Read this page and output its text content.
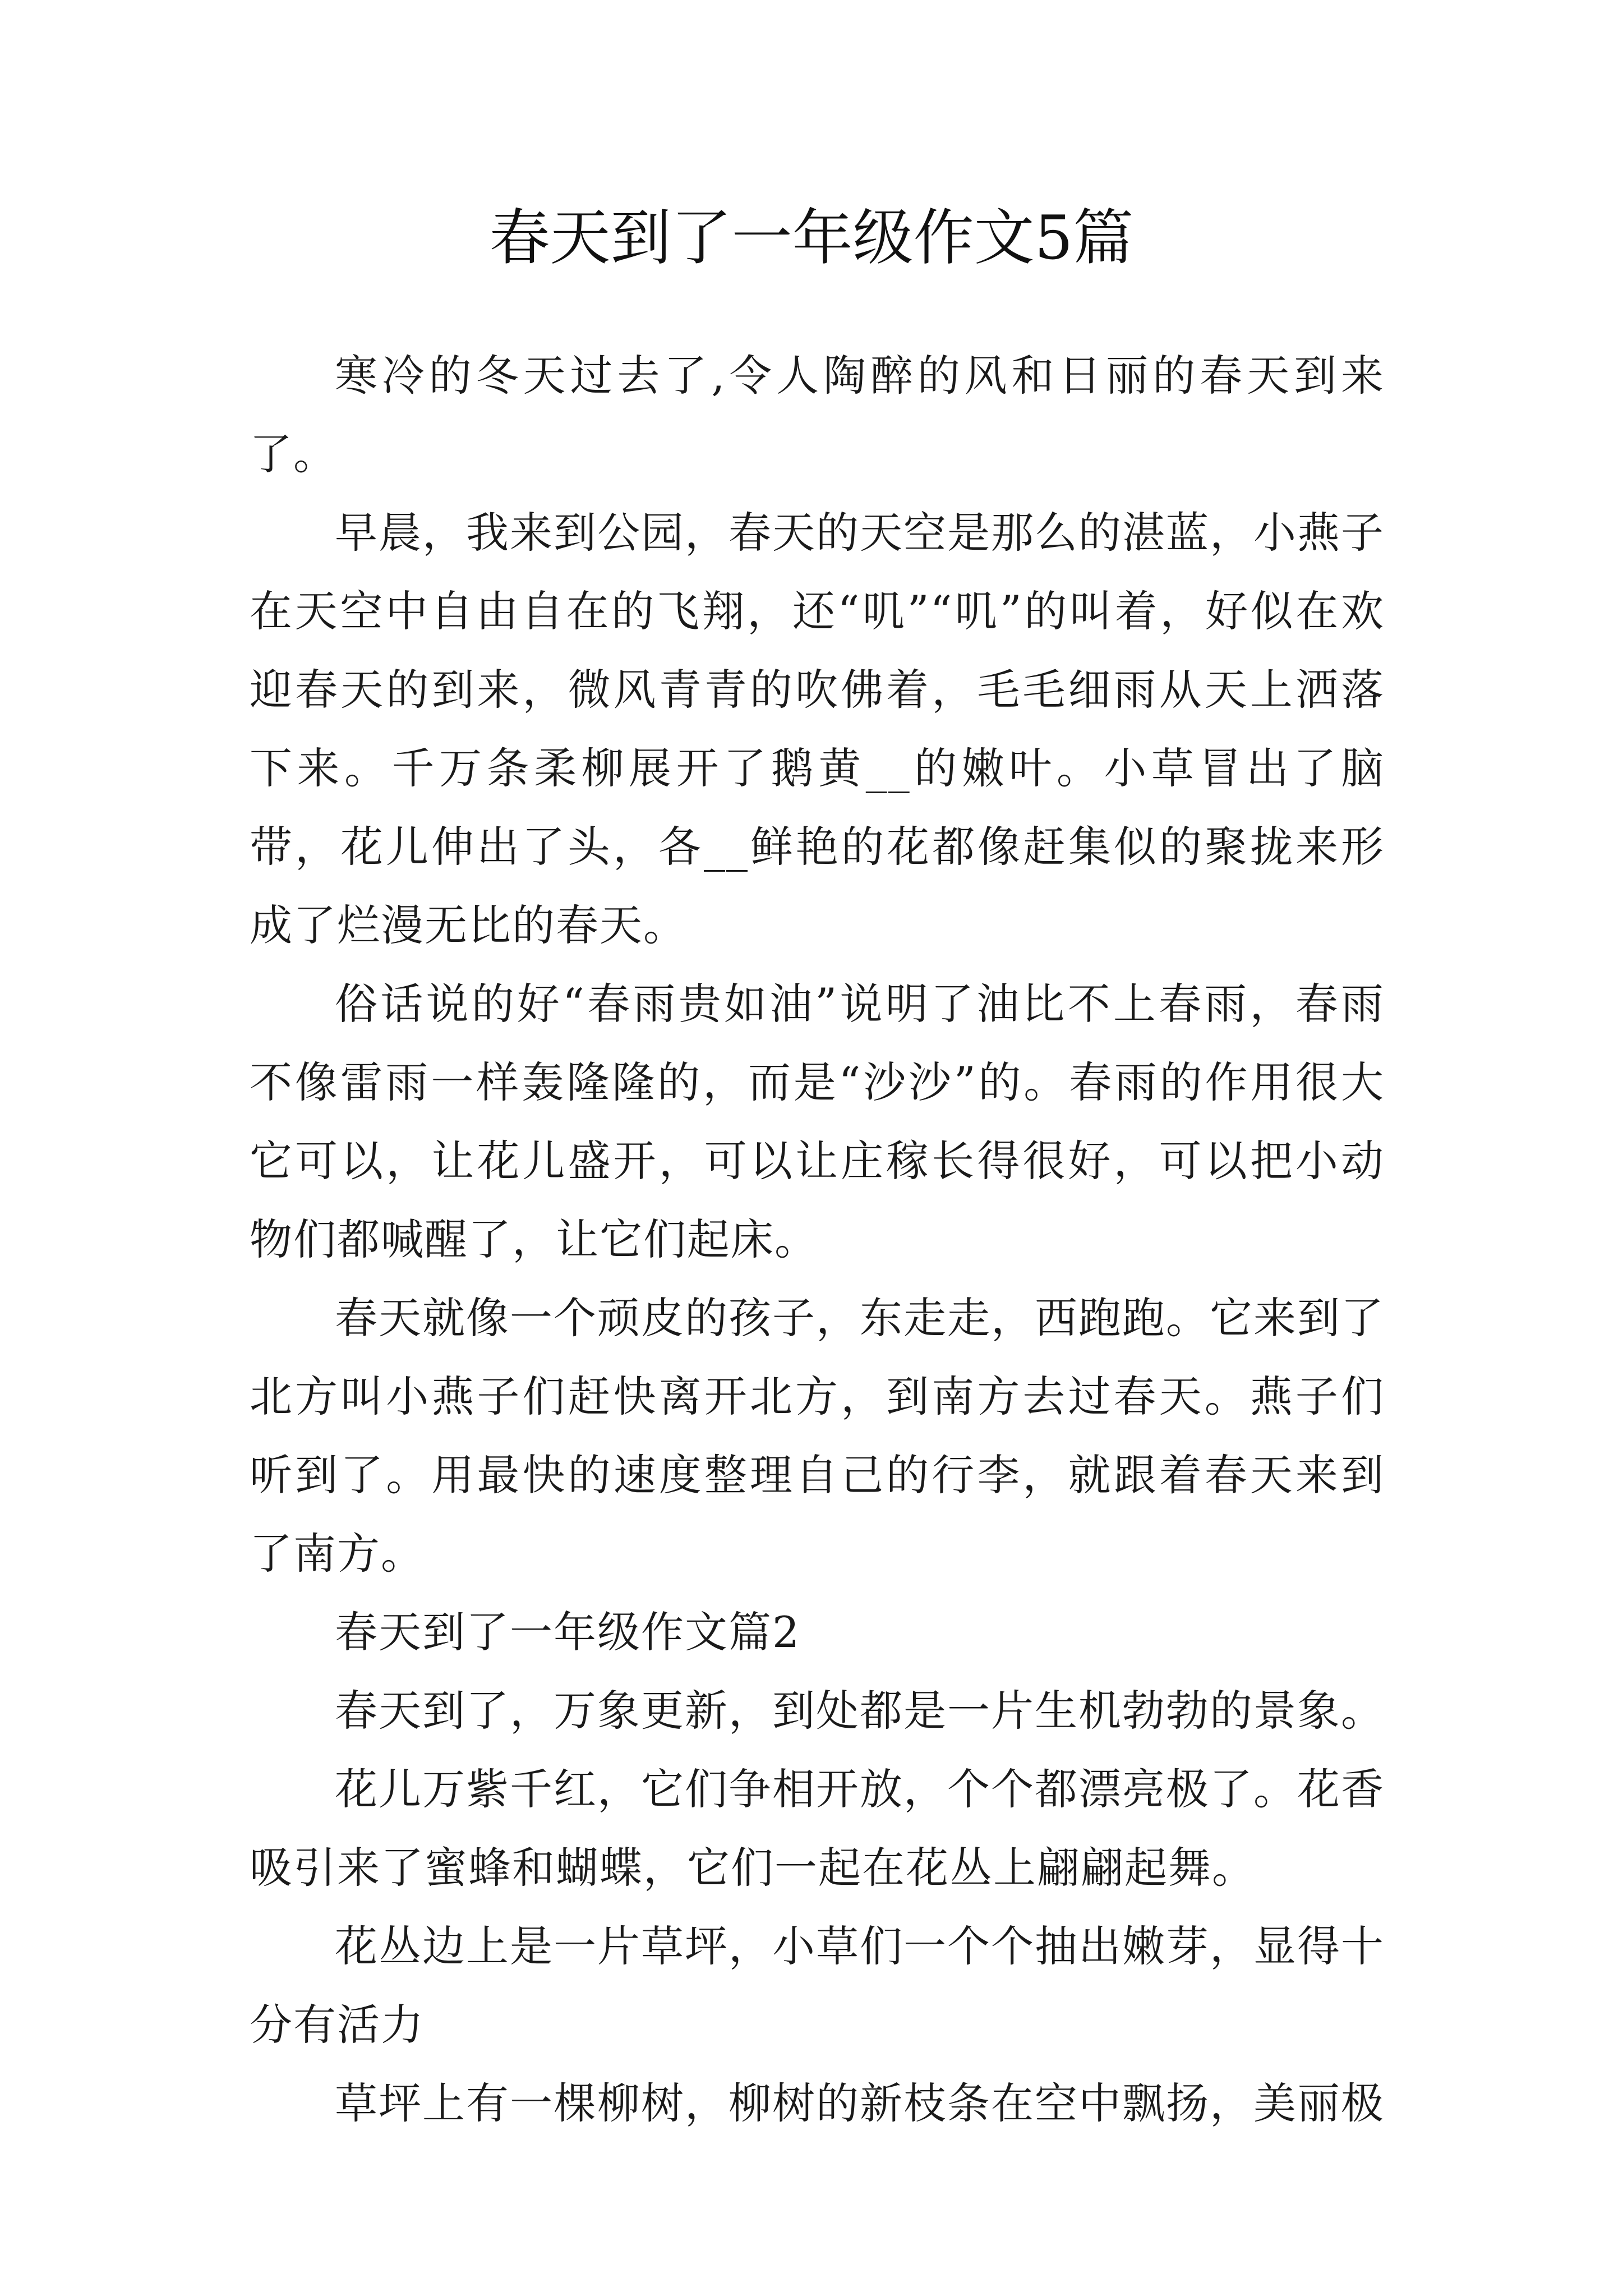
春天到了一年级作文5篇

寒冷的冬天过去了,令人陶醉的风和日丽的春天到来了。

早晨，我来到公园，春天的天空是那么的湛蓝，小燕子在天空中自由自在的飞翔，还“叽”“叽”的叫着，好似在欢迎春天的到来，微风青青的吹佛着，毛毛细雨从天上洒落下来。千万条柔柳展开了鹅黄__的嫩叶。小草冒出了脑带，花儿伸出了头，各__鲜艳的花都像赶集似的聚拢来形成了烂漫无比的春天。

俗话说的好“春雨贵如油”说明了油比不上春雨，春雨不像雷雨一样轰隆隆的，而是“沙沙”的。春雨的作用很大它可以，让花儿盛开，可以让庄稼长得很好，可以把小动物们都喊醒了，让它们起床。

春天就像一个顽皮的孩子，东走走，西跑跑。它来到了北方叫小燕子们赶快离开北方，到南方去过春天。燕子们听到了。用最快的速度整理自己的行李，就跟着春天来到了南方。

春天到了一年级作文篇2

春天到了，万象更新，到处都是一片生机勃勃的景象。

花儿万紫千红，它们争相开放，个个都漂亮极了。花香吸引来了蜜蜂和蝴蝶，它们一起在花丛上翩翩起舞。

花丛边上是一片草坪，小草们一个个抽出嫩芽，显得十分有活力

草坪上有一棵柳树，柳树的新枝条在空中飘扬，美丽极
